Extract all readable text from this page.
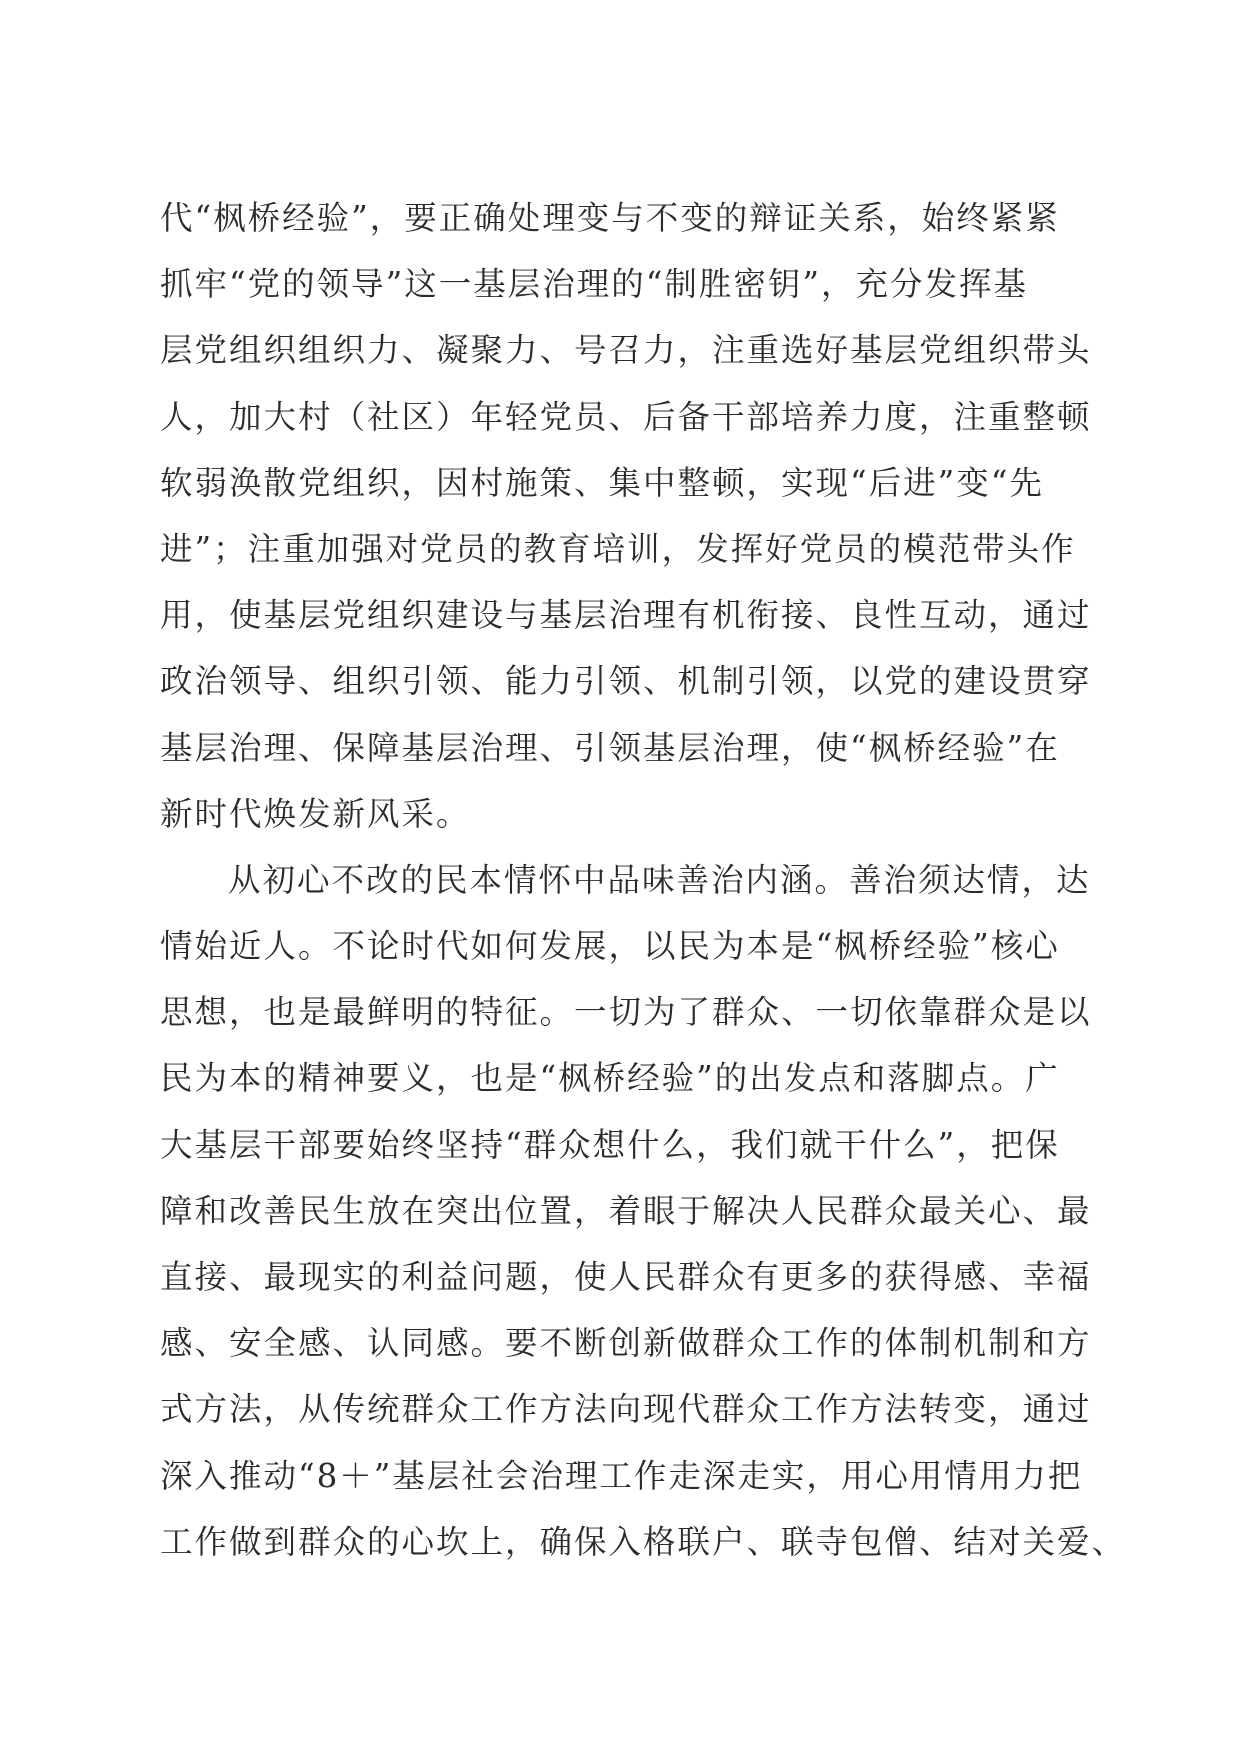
代“枫桥经验”，要正确处理变与不变的辩证关系，始终紧紧
抓牢“党的领导”这一基层治理的“制胜密钥”，充分发挥基
层党组织组织力、凝聚力、号召力，注重选好基层党组织带头
人，加大村（社区）年轻党员、后备干部培养力度，注重整顿
软弱涣散党组织，因村施策、集中整顿，实现“后进”变“先
进”；注重加强对党员的教育培训，发挥好党员的模范带头作
用，使基层党组织建设与基层治理有机衔接、良性互动，通过
政治领导、组织引领、能力引领、机制引领，以党的建设贯穿
基层治理、保障基层治理、引领基层治理，使“枫桥经验”在
新时代焕发新风采。
从初心不改的民本情怀中品味善治内涵。善治须达情，达
情始近人。不论时代如何发展，以民为本是“枫桥经验”核心
思想，也是最鲜明的特征。一切为了群众、一切依靠群众是以
民为本的精神要义，也是“枫桥经验”的出发点和落脚点。广
大基层干部要始终坚持“群众想什么，我们就干什么”，把保
障和改善民生放在突出位置，着眼于解决人民群众最关心、最
直接、最现实的利益问题，使人民群众有更多的获得感、幸福
感、安全感、认同感。要不断创新做群众工作的体制机制和方
式方法，从传统群众工作方法向现代群众工作方法转变，通过
深入推动“8＋”基层社会治理工作走深走实，用心用情用力把
工作做到群众的心坎上，确保入格联户、联寺包僧、结对关爱、
